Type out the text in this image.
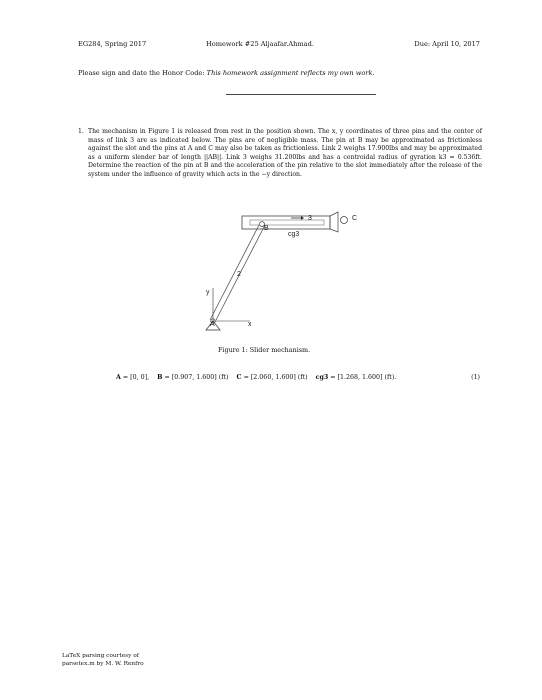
EG284, Spring 2017	Homework #25 Aljaafar.Ahmad.	Due: April 10, 2017
Please sign and date the Honor Code: This homework assignment reflects my own work.
1. The mechanism in Figure 1 is released from rest in the position shown. The x, y coordinates of three pins and the center of mass of link 3 are as indicated below. The pins are of negligible mass. The pin at B may be approximated as frictionless against the slot and the pins at A and C may also be taken as frictionless. Link 2 weighs 17.900lbs and may be approximated as a uniform slender bar of length ||AB||. Link 3 weighs 31.200lbs and has a centroidal radius of gyration k3 = 0.536ft. Determine the reaction of the pin at B and the acceleration of the pin relative to the slot immediately after the release of the system under the influence of gravity which acts in the −y direction.
B
3	C
cg3
2
y
x
A
Figure 1: Slider mechanism.
A = [0, 0], B = [0.907, 1.600] (ft) C = [2.060, 1.600] (ft) cg3 = [1.268, 1.600] (ft).	(1)
LaTeX parsing courtesy of
parsetex.m by M. W. Renfro
